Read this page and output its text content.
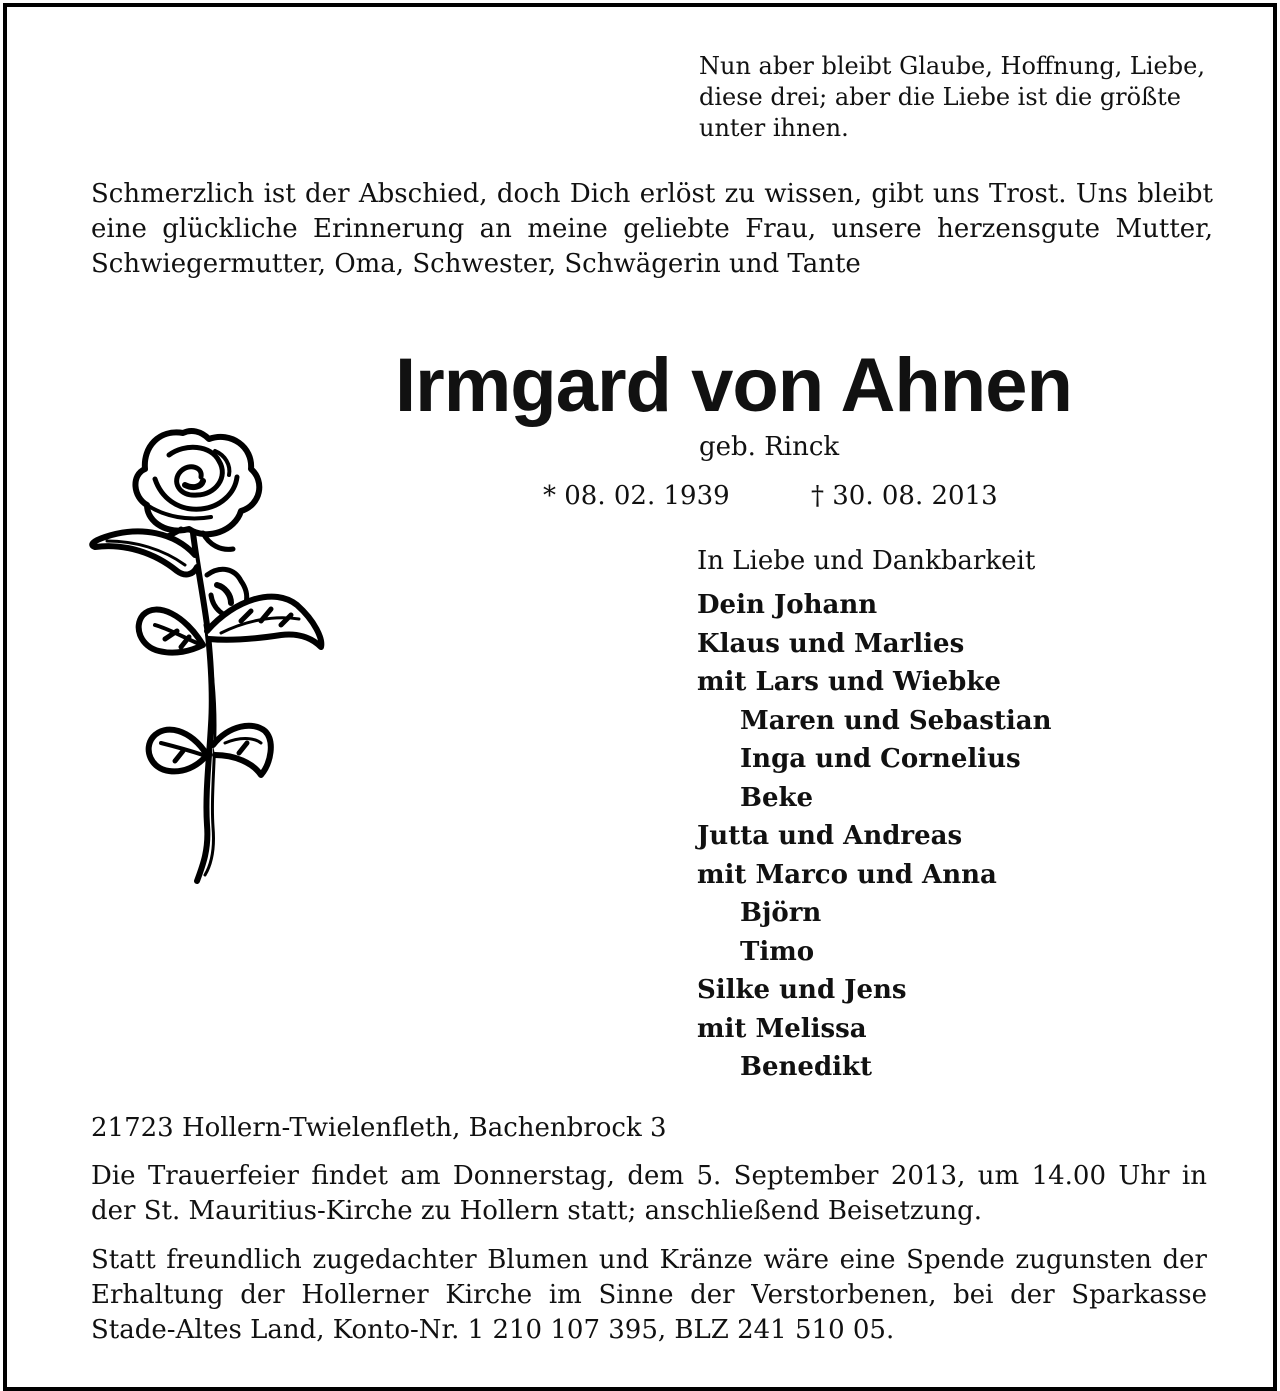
Nun aber bleibt Glaube, Hoffnung, Liebe, diese drei; aber die Liebe ist die größte unter ihnen.
Schmerzlich ist der Abschied, doch Dich erlöst zu wissen, gibt uns Trost. Uns bleibt eine glückliche Erinnerung an meine geliebte Frau, unsere herzensgute Mutter, Schwiegermutter, Oma, Schwester, Schwägerin und Tante
Irmgard von Ahnen
geb. Rinck
* 08. 02. 1939	† 30. 08. 2013
In Liebe und Dankbarkeit
Dein Johann
Klaus und Marlies
mit Lars und Wiebke
Maren und Sebastian
Inga und Cornelius
Beke
Jutta und Andreas
mit Marco und Anna
Björn
Timo
Silke und Jens
mit Melissa
Benedikt
21723 Hollern-Twielenfleth, Bachenbrock 3
Die Trauerfeier findet am Donnerstag, dem 5. September 2013, um 14.00 Uhr in der St. Mauritius-Kirche zu Hollern statt; anschließend Beisetzung.
Statt freundlich zugedachter Blumen und Kränze wäre eine Spende zugunsten der Erhaltung der Hollerner Kirche im Sinne der Verstorbenen, bei der Sparkasse Stade-Altes Land, Konto-Nr. 1 210 107 395, BLZ 241 510 05.
